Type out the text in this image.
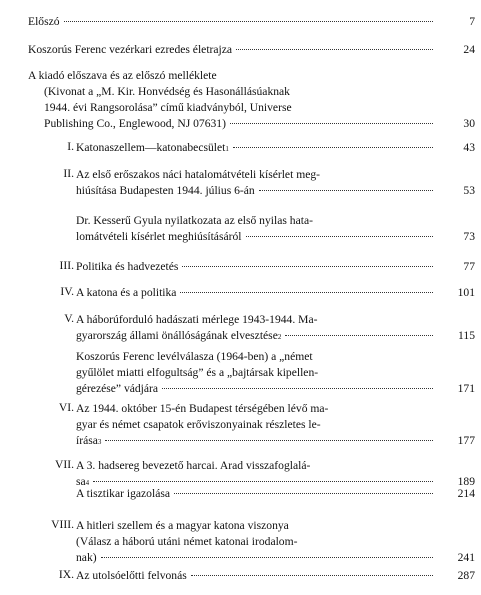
Előszó	7
Koszorús Ferenc vezérkari ezredes életrajza	24
A kiadó előszava és az előszó melléklete
(Kivonat a „M. Kir. Honvédség és Hasonállásúaknak
1944. évi Rangsorolása” című kiadványból, Universe
Publishing Co., Englewood, NJ 07631)	30
I. Katonaszellem—katonabecsület 1	43
II. Az első erőszakos náci hatalomátvételi kísérlet meg-
hiúsítása Budapesten 1944. július 6-án	53
Dr. Kesserű Gyula nyilatkozata az első nyilas hata-
lomátvételi kísérlet meghiúsításáról	73
III. Politika és hadvezetés	77
IV. A katona és a politika	101
V. A háborúforduló hadászati mérlege 1943-1944. Ma-
gyarország állami önállóságának elvesztése 2	115
Koszorús Ferenc levélválasza (1964-ben) a „német
gyűlölet miatti elfogultság” és a „bajtársak kipellen-
gérezése” vádjára	171
VI. Az 1944. október 15-én Budapest térségében lévő ma-
gyar és német csapatok erőviszonyainak részletes le-
írása 3	177
VII. A 3. hadsereg bevezető harcai. Arad visszafoglalá-
sa 4	189
A tisztikar igazolása	214
VIII. A hitleri szellem és a magyar katona viszonya
(Válasz a háború utáni német katonai irodalom-
nak)	241
IX. Az utolsóelőtti felvonás	287
